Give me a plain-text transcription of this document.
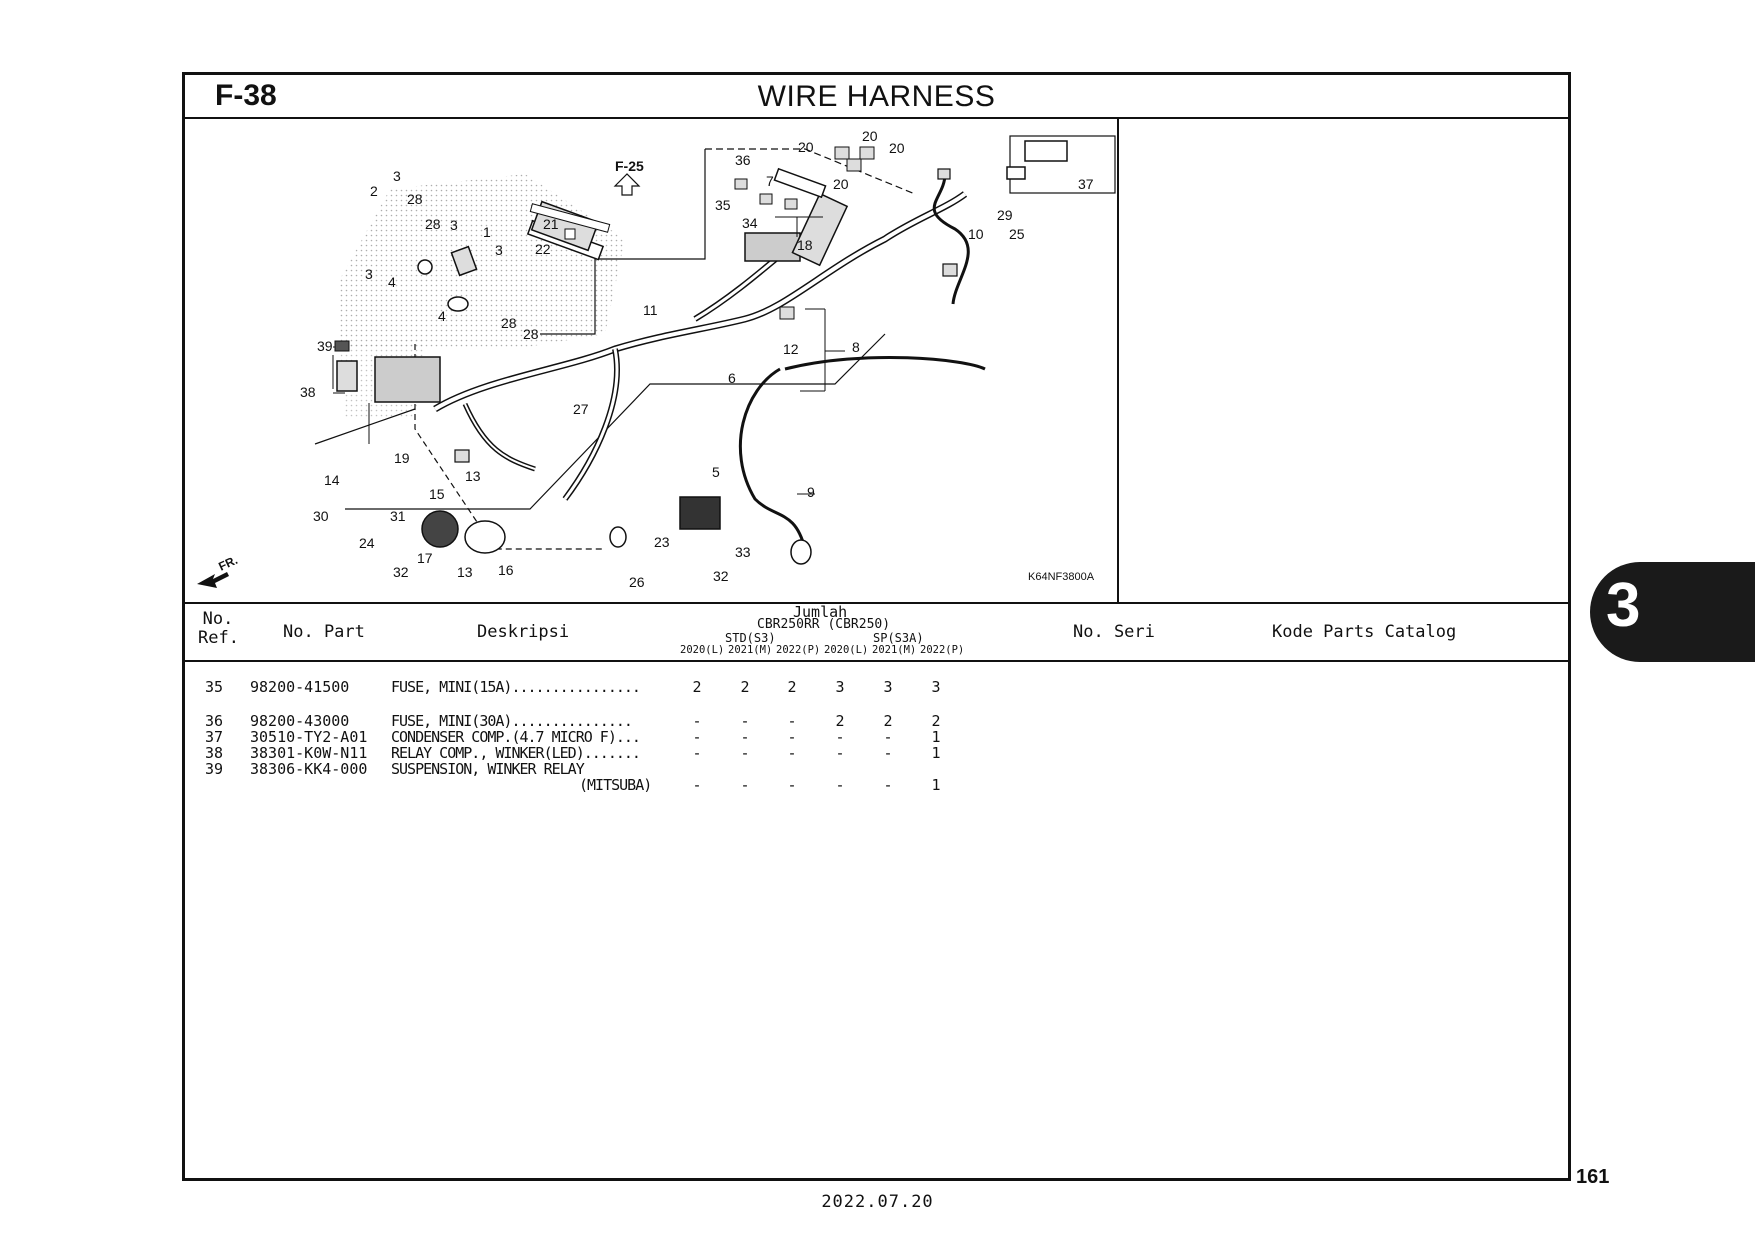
F-38	WIRE HARNESS
F-25
FR.
K64NF3800A
1
2
3
3
3
3
4
4
5
6
7
8
9
10
11
12
13
13
14
15
16
17
18
19
20
20
20
20
21
22
23
24
25
26
27
28
28
28
28
29
30	31
32	32
33
34
35
36
37
38
39
No.
Ref.	No. Part	Deskripsi
Jumlah
CBR250RR (CBR250)
STD(S3)	SP(S3A)
2020(L) 2021(M) 2022(P) 2020(L) 2021(M) 2022(P)
No. Seri	Kode Parts Catalog
35 98200-41500	FUSE, MINI(15A)................	2	2	2	3	3	3
36 98200-43000	FUSE, MINI(30A)...............	-	-	-	2	2	2
37 30510-TY2-A01 CONDENSER COMP.(4.7 MICRO F)...	-	-	-	-	-	1
38 38301-K0W-N11 RELAY COMP., WINKER(LED).......	-	-	-	-	-	1
39 38306-KK4-000 SUSPENSION, WINKER RELAY
(MITSUBA)	-	-	-	-	-	1
3
161
2022.07.20
